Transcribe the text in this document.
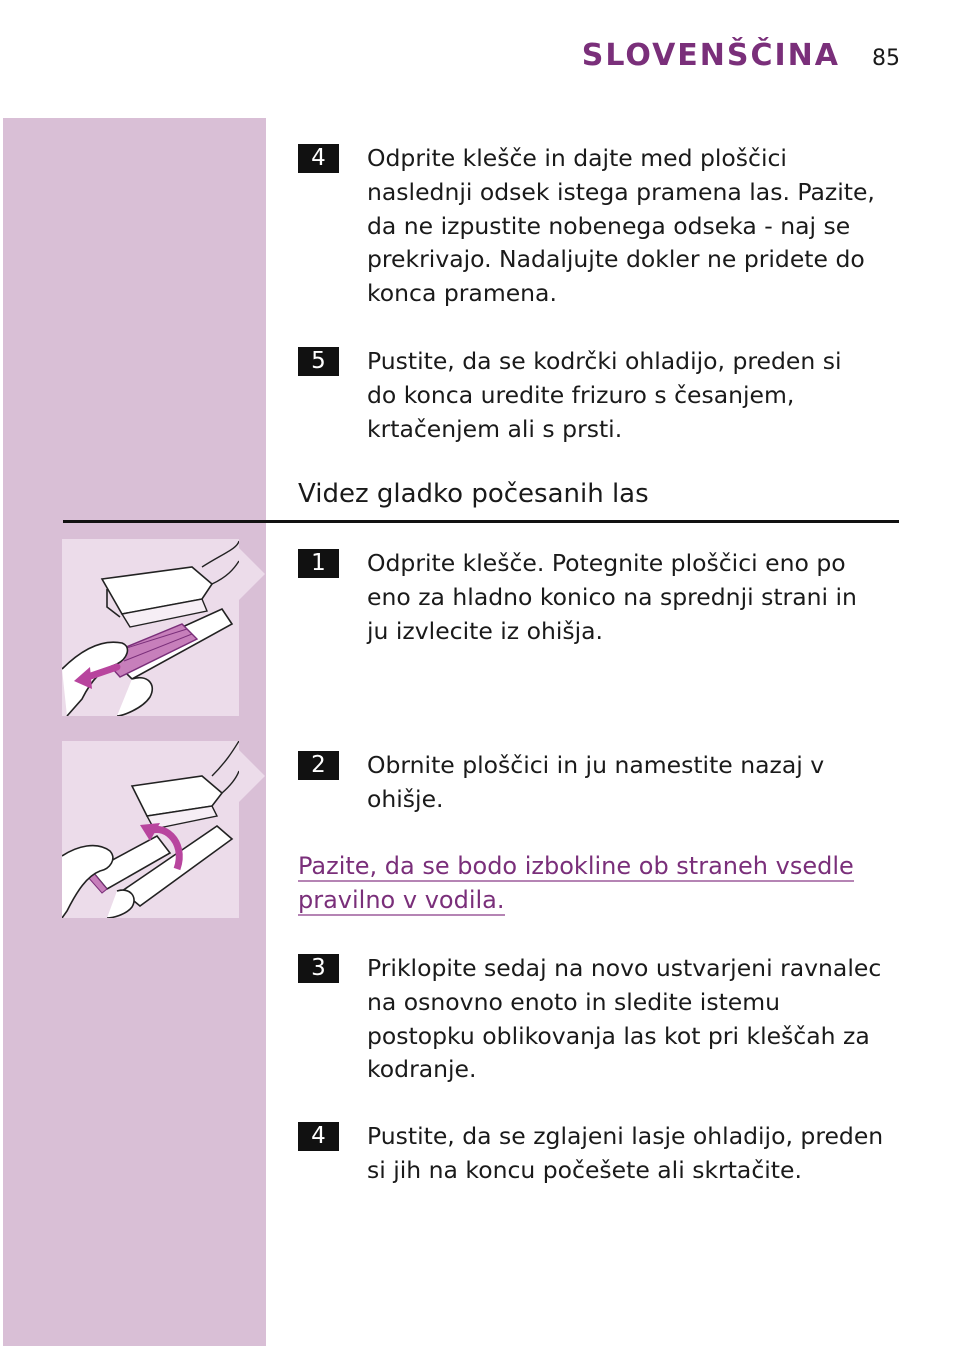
SLOVENŠČINA	85
4	Odprite klešče in dajte med ploščici
naslednji odsek istega pramena las. Pazite,
da ne izpustite nobenega odseka - naj se
prekrivajo. Nadaljujte dokler ne pridete do
konca pramena.

5	Pustite, da se kodrčki ohladijo, preden si
do konca uredite frizuro s česanjem,
krtačenjem ali s prsti.

Videz gladko počesanih las
1	Odprite klešče. Potegnite ploščici eno po
eno za hladno konico na sprednji strani in
ju izvlecite iz ohišja.

2	Obrnite ploščici in ju namestite nazaj v
ohišje.

Pazite, da se bodo izbokline ob straneh vsedle
pravilno v vodila.

3	Priklopite sedaj na novo ustvarjeni ravnalec
na osnovno enoto in sledite istemu
postopku oblikovanja las kot pri kleščah za
kodranje.

4	Pustite, da se zglajeni lasje ohladijo, preden
si jih na koncu počešete ali skrtačite.
